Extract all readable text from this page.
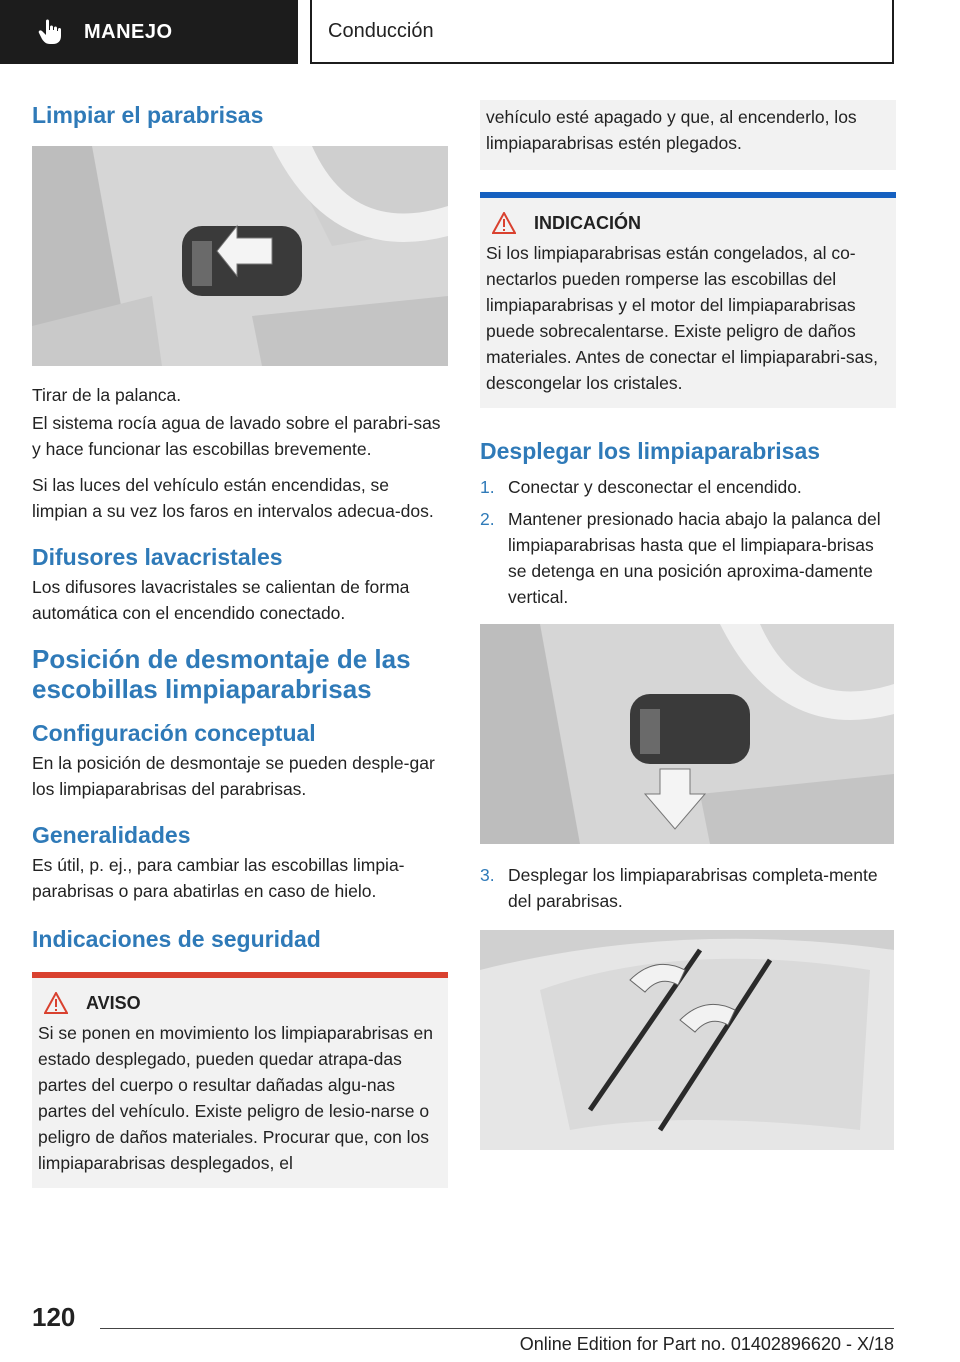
MANEJO	Conducción
Limpiar el parabrisas

Tirar de la palanca.

El sistema rocía agua de lavado sobre el parabri-sas y hace funcionar las escobillas brevemente.

Si las luces del vehículo están encendidas, se limpian a su vez los faros en intervalos adecua-dos.

Difusores lavacristales

Los difusores lavacristales se calientan de forma automática con el encendido conectado.

Posición de desmontaje de las escobillas limpiaparabrisas
Configuración conceptual

En la posición de desmontaje se pueden desple-gar los limpiaparabrisas del parabrisas.

Generalidades

Es útil, p. ej., para cambiar las escobillas limpia-parabrisas o para abatirlas en caso de hielo.

Indicaciones de seguridad
AVISO

Si se ponen en movimiento los limpiaparabrisas en estado desplegado, pueden quedar atrapa-das partes del cuerpo o resultar dañadas algu-nas partes del vehículo. Existe peligro de lesio-narse o peligro de daños materiales. Procurar que, con los limpiaparabrisas desplegados, el

vehículo esté apagado y que, al encenderlo, los limpiaparabrisas estén plegados.

INDICACIÓN

Si los limpiaparabrisas están congelados, al co-nectarlos pueden romperse las escobillas del limpiaparabrisas y el motor del limpiaparabrisas puede sobrecalentarse. Existe peligro de daños materiales. Antes de conectar el limpiaparabri-sas, descongelar los cristales.

Desplegar los limpiaparabrisas
1. Conectar y desconectar el encendido.
2. Mantener presionado hacia abajo la palanca del limpiaparabrisas hasta que el limpiapara-brisas se detenga en una posición aproxima-damente vertical.
3. Desplegar los limpiaparabrisas completa-mente del parabrisas.
120
Online Edition for Part no. 01402896620 - X/18
